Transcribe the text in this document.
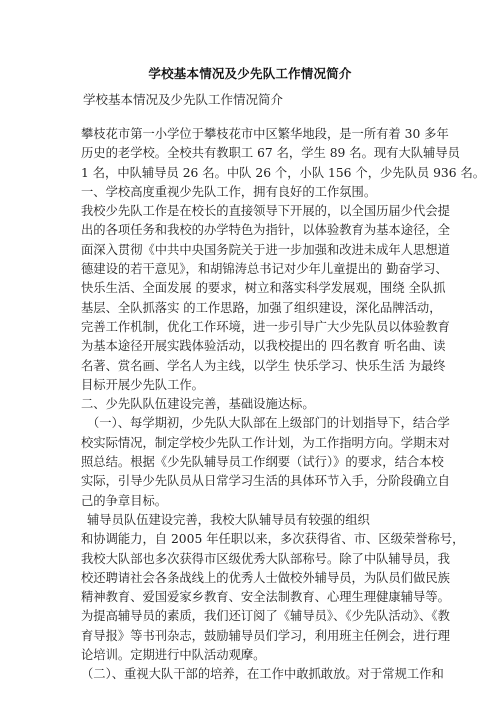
学校基本情况及少先队工作情况简介
学校基本情况及少先队工作情况简介
攀枝花市第一小学位于攀枝花市中区繁华地段，是一所有着 30 多年
历史的老学校。全校共有教职工 67 名，学生 89 名。现有大队辅导员
1 名，中队辅导员 26 名。中队 26 个，小队 156 个，少先队员 936 名。
一、学校高度重视少先队工作，拥有良好的工作氛围。
我校少先队工作是在校长的直接领导下开展的，以全国历届少代会提
出的各项任务和我校的办学特色为指针，以体验教育为基本途径，全
面深入贯彻《中共中央国务院关于进一步加强和改进未成年人思想道
德建设的若干意见》，和胡锦涛总书记对少年儿童提出的 勤奋学习、
快乐生活、全面发展 的要求，树立和落实科学发展观，围绕 全队抓
基层、全队抓落实 的工作思路，加强了组织建设，深化品牌活动，
完善工作机制，优化工作环境，进一步引导广大少先队员以体验教育
为基本途径开展实践体验活动，以我校提出的 四名教育 听名曲、读
名著、赏名画、学名人为主线，以学生 快乐学习、快乐生活 为最终
目标开展少先队工作。
二、少先队队伍建设完善，基础设施达标。
（一）、每学期初，少先队大队部在上级部门的计划指导下，结合学
校实际情况，制定学校少先队工作计划，为工作指明方向。学期末对
照总结。根据《少先队辅导员工作纲要（试行）》的要求，结合本校
实际，引导少先队员从日常学习生活的具体环节入手，分阶段确立自
己的争章目标。
辅导员队伍建设完善，我校大队辅导员有较强的组织
和协调能力，自 2005 年任职以来，多次获得省、市、区级荣誉称号，
我校大队部也多次获得市区级优秀大队部称号。除了中队辅导员，我
校还聘请社会各条战线上的优秀人士做校外辅导员，为队员们做民族
精神教育、爱国爱家乡教育、安全法制教育、心理生理健康辅导等。
为提高辅导员的素质，我们还订阅了《辅导员》、《少先队活动》、《教
育导报》等书刊杂志，鼓励辅导员们学习，利用班主任例会，进行理
论培训。定期进行中队活动观摩。
（二）、重视大队干部的培养，在工作中敢抓敢放。对于常规工作和
